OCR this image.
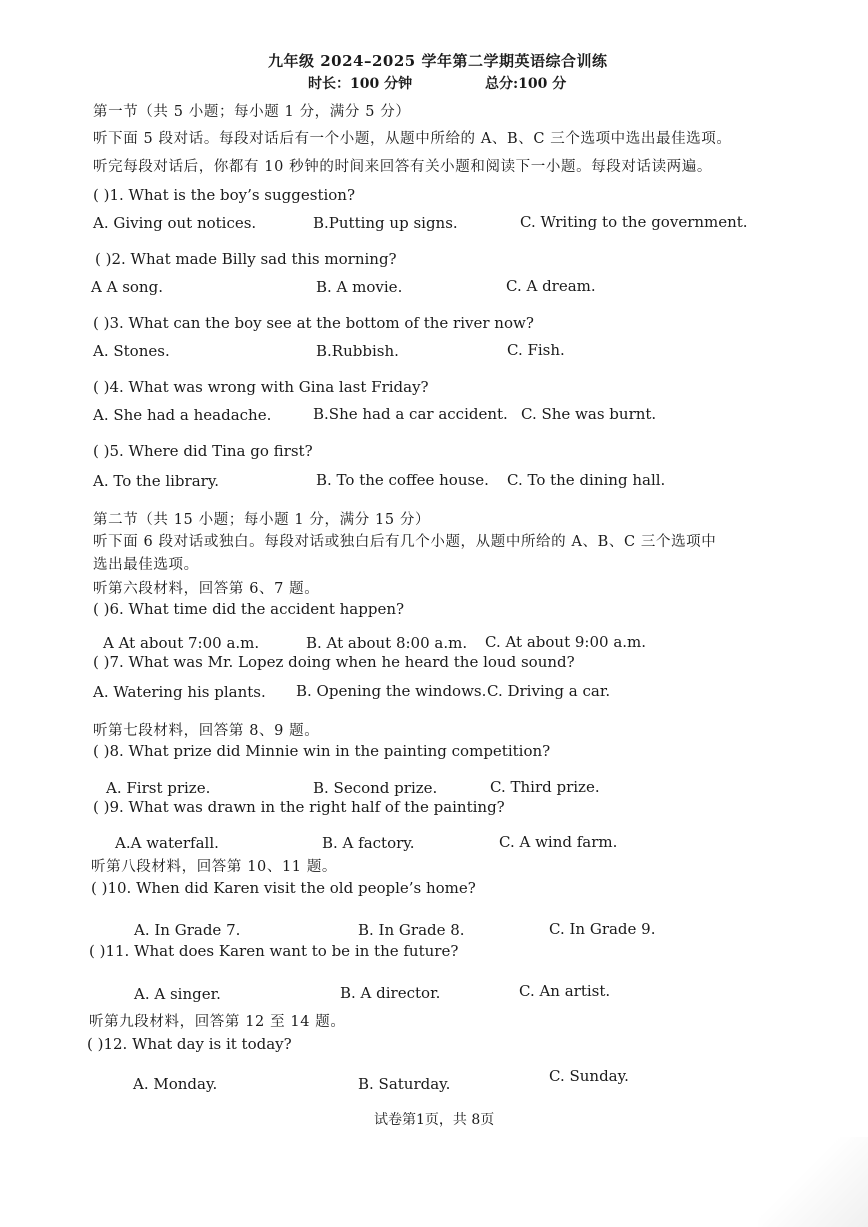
九年级 2024–2025 学年第二学期英语综合训练
时长：100 分钟	总分:100 分
第一节（共 5 小题；每小题 1 分，满分 5 分）
听下面 5 段对话。每段对话后有一个小题，从题中所给的 A、B、C 三个选项中选出最佳选项。
听完每段对话后，你都有 10 秒钟的时间来回答有关小题和阅读下一小题。每段对话读两遍。
( )1. What is the boy’s suggestion?
A. Giving out notices.	B.Putting up signs.	C. Writing to the government.
( )2. What made Billy sad this morning?
A A song.	B. A movie.	C. A dream.
( )3. What can the boy see at the bottom of the river now?
A. Stones.	B.Rubbish.	C. Fish.
( )4. What was wrong with Gina last Friday?
A. She had a headache.	B.She had a car accident. C. She was burnt.
( )5. Where did Tina go first?
A. To the library.	B. To the coffee house. C. To the dining hall.
第二节（共 15 小题；每小题 1 分，满分 15 分）
听下面 6 段对话或独白。每段对话或独白后有几个小题，从题中所给的 A、B、C 三个选项中
选出最佳选项。
听第六段材料，回答第 6、7 题。
( )6. What time did the accident happen?
A At about 7:00 a.m.	B. At about 8:00 a.m. C. At about 9:00 a.m.
( )7. What was Mr. Lopez doing when he heard the loud sound?
A. Watering his plants. B. Opening the windows. C. Driving a car.
听第七段材料，回答第 8、9 题。
( )8. What prize did Minnie win in the painting competition?
A. First prize.	B. Second prize.	C. Third prize.
( )9. What was drawn in the right half of the painting?
A.A waterfall.	B. A factory.	C. A wind farm.
听第八段材料，回答第 10、11 题。
( )10. When did Karen visit the old people’s home?
A. In Grade 7.	B. In Grade 8.	C. In Grade 9.
( )11. What does Karen want to be in the future?
A. A singer.	B. A director.	C. An artist.
听第九段材料，回答第 12 至 14 题。
( )12. What day is it today?
A. Monday.	B. Saturday.	C. Sunday.
试卷第1页，共 8页
